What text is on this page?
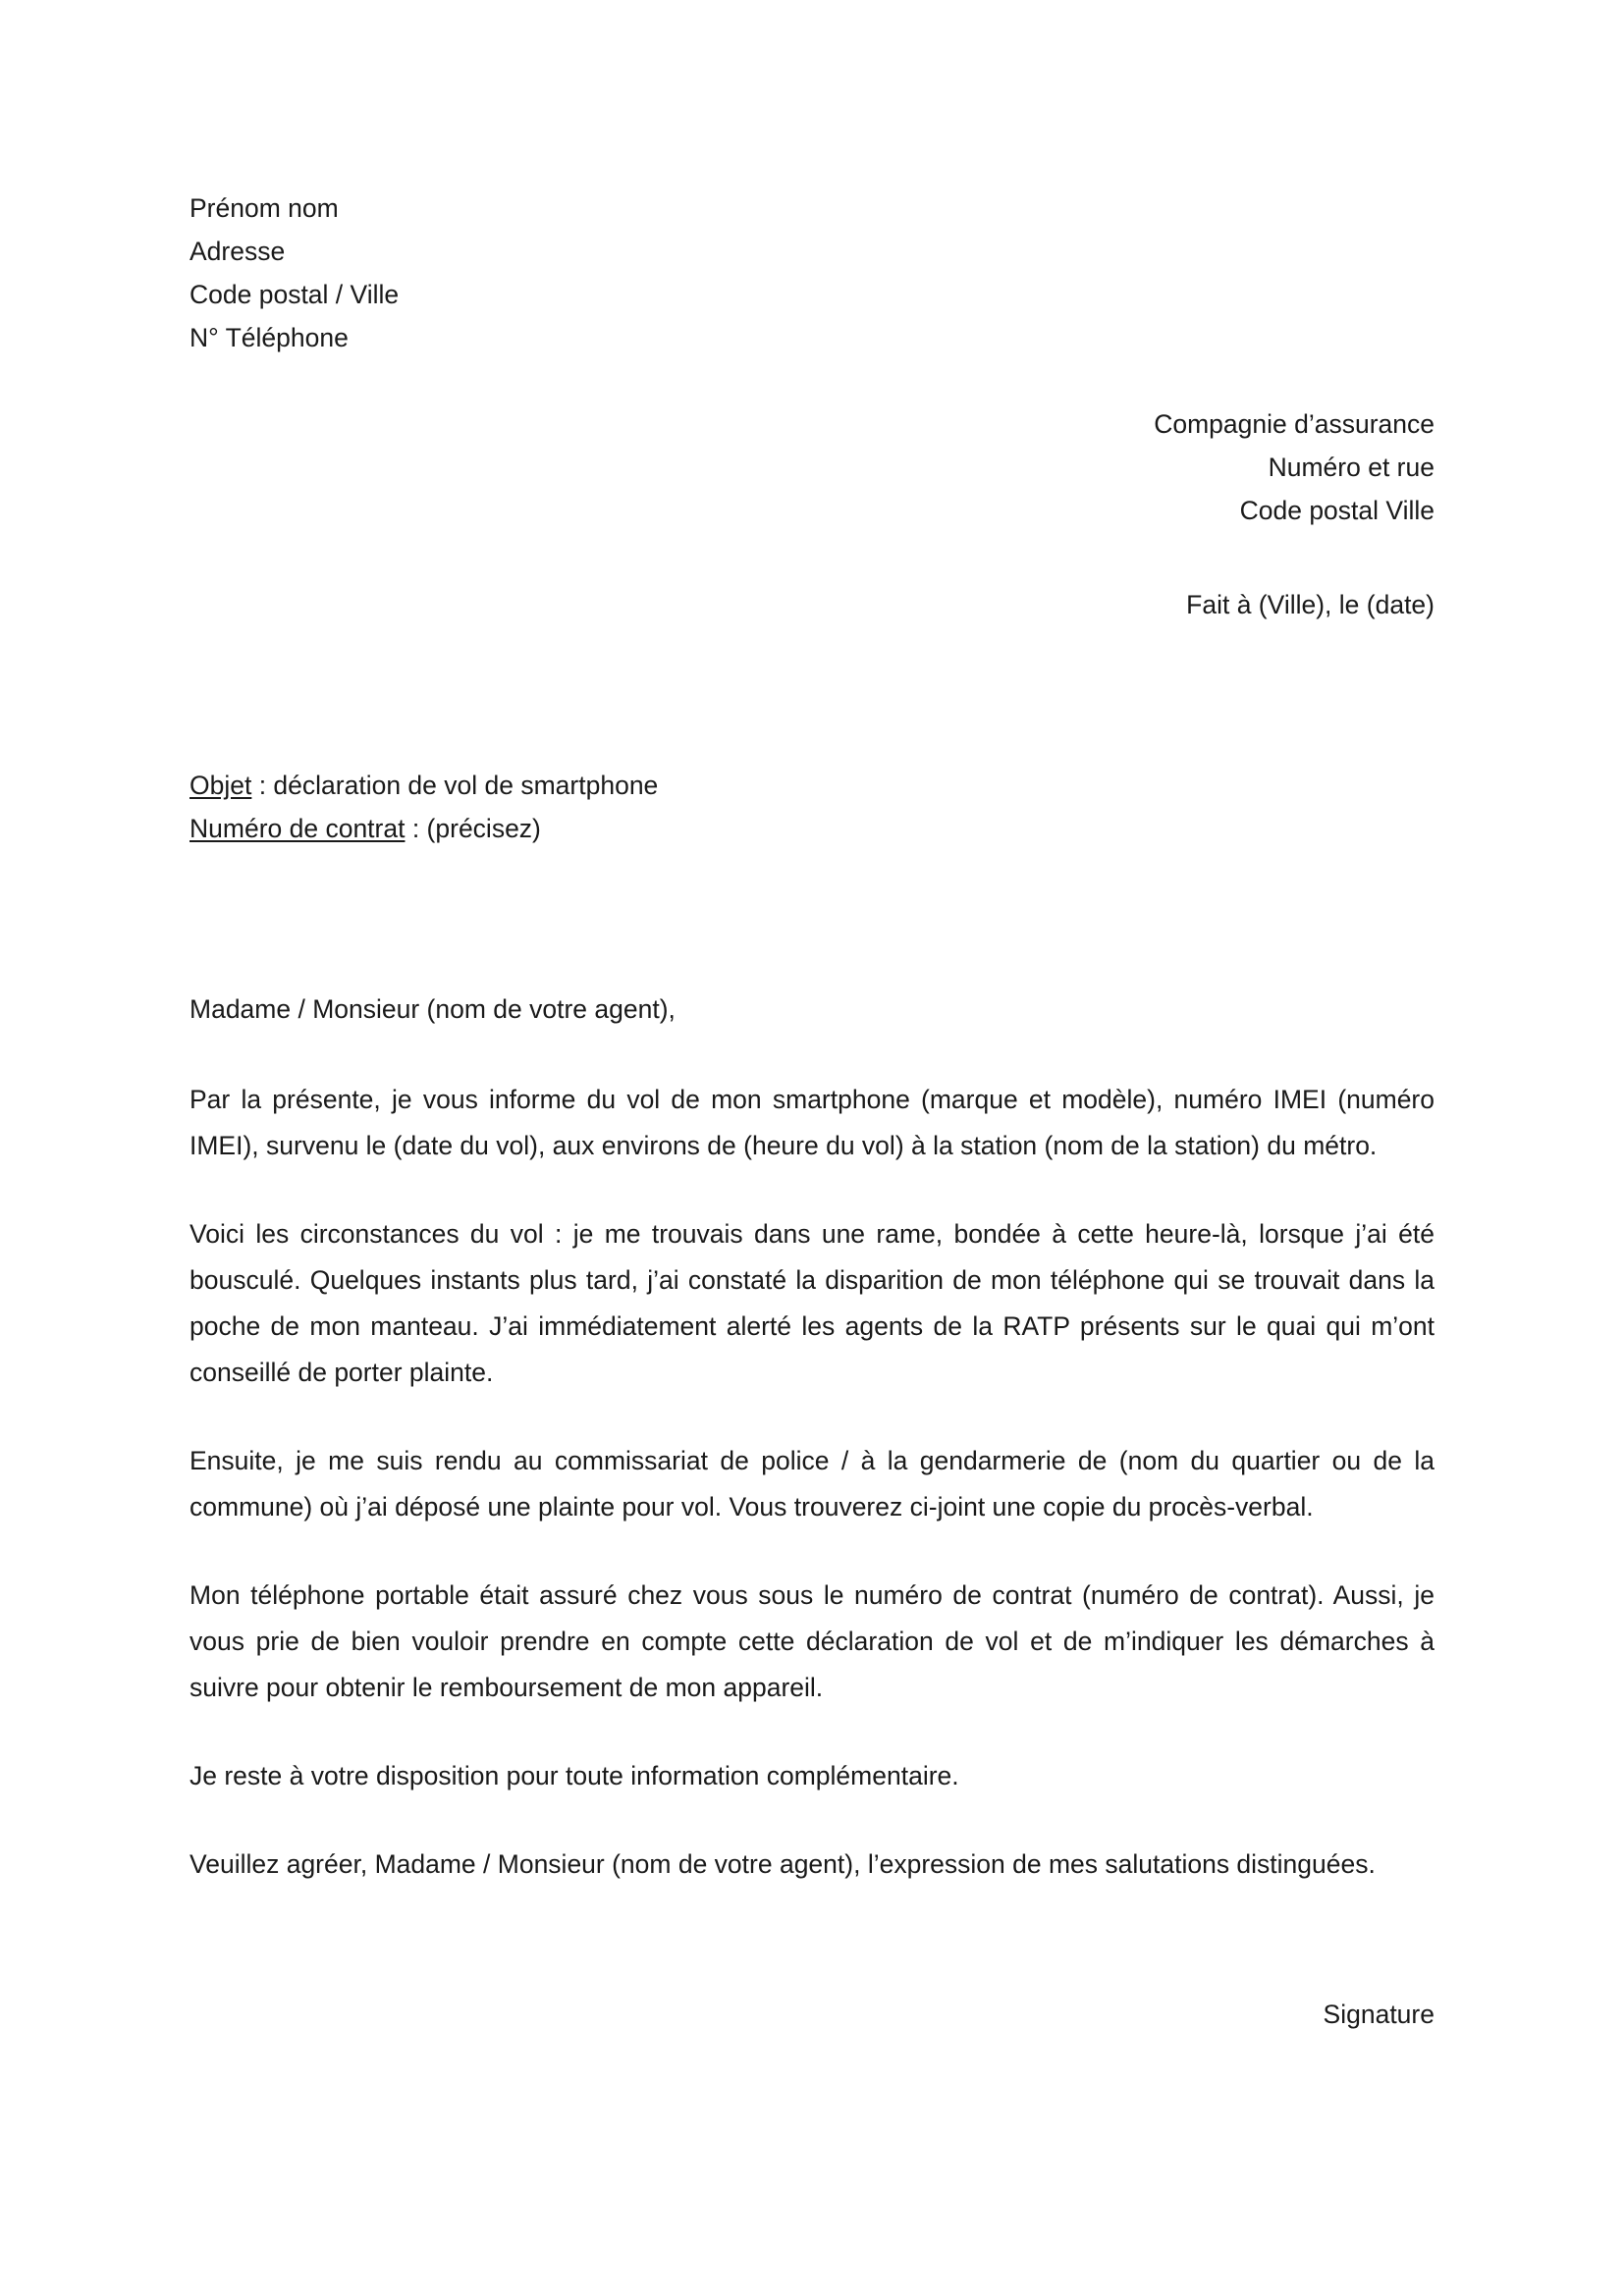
Prénom nom
Adresse
Code postal / Ville
N° Téléphone
Compagnie d’assurance
Numéro et rue
Code postal Ville
Fait à (Ville), le (date)
Objet : déclaration de vol de smartphone
Numéro de contrat : (précisez)
Madame / Monsieur (nom de votre agent),
Par la présente, je vous informe du vol de mon smartphone (marque et modèle), numéro IMEI (numéro IMEI), survenu le (date du vol), aux environs de (heure du vol) à la station (nom de la station) du métro.
Voici les circonstances du vol : je me trouvais dans une rame, bondée à cette heure-là, lorsque j’ai été bousculé. Quelques instants plus tard, j’ai constaté la disparition de mon téléphone qui se trouvait dans la poche de mon manteau. J’ai immédiatement alerté les agents de la RATP présents sur le quai qui m’ont conseillé de porter plainte.
Ensuite, je me suis rendu au commissariat de police / à la gendarmerie de (nom du quartier ou de la commune) où j’ai déposé une plainte pour vol. Vous trouverez ci-joint une copie du procès-verbal.
Mon téléphone portable était assuré chez vous sous le numéro de contrat (numéro de contrat). Aussi, je vous prie de bien vouloir prendre en compte cette déclaration de vol et de m’indiquer les démarches à suivre pour obtenir le remboursement de mon appareil.
Je reste à votre disposition pour toute information complémentaire.
Veuillez agréer, Madame / Monsieur (nom de votre agent), l’expression de mes salutations distinguées.
Signature
